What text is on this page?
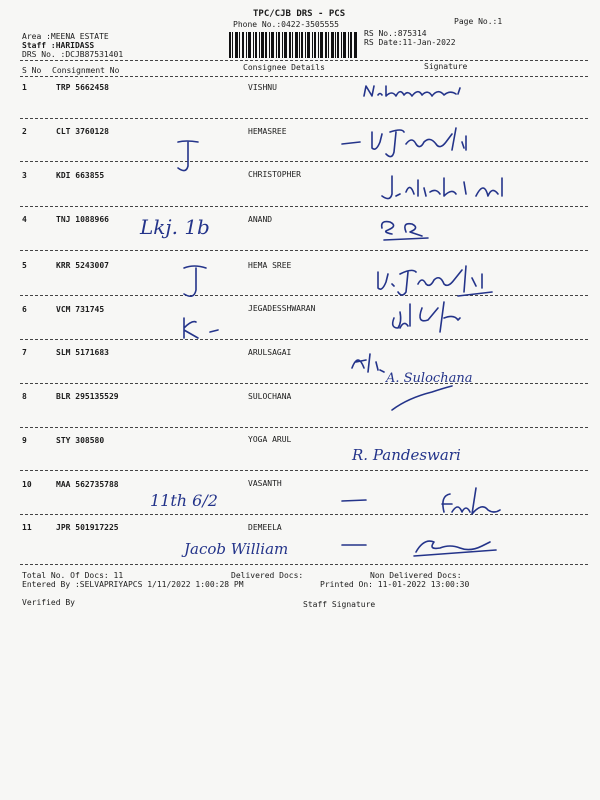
TPC/CJB DRS - PCS
Phone No.:0422-3505555	Page No.:1
Area :MEENA ESTATE
Staff :HARIDASS
DRS No. :DCJB87531401
RS No.:875314
RS Date:11-Jan-2022
S No Consignment No	Consignee Details	Signature
1	TRP 5662458	VISHNU
2	CLT 3760128	HEMASREE
3	KDI 663855	CHRISTOPHER
4	TNJ 1088966	ANAND
5	KRR 5243007	HEMA SREE
6	VCM 731745	JEGADESSHWARAN
7	SLM 5171683	ARULSAGAI
8	BLR 295135529	SULOCHANA
9	STY 308580	YOGA ARUL
10	MAA 562735788	VASANTH
11	JPR 501917225	DEMEELA
Lkj. 1b
A. Sulochana
R. Pandeswari
11th 6/2
Jacob William
Total No. Of Docs: 11	Delivered Docs:	Non Delivered Docs:
Entered By :SELVAPRIYAPCS 1/11/2022 1:00:28 PM	Printed On: 11-01-2022 13:00:30
Verified By	Staff Signature
